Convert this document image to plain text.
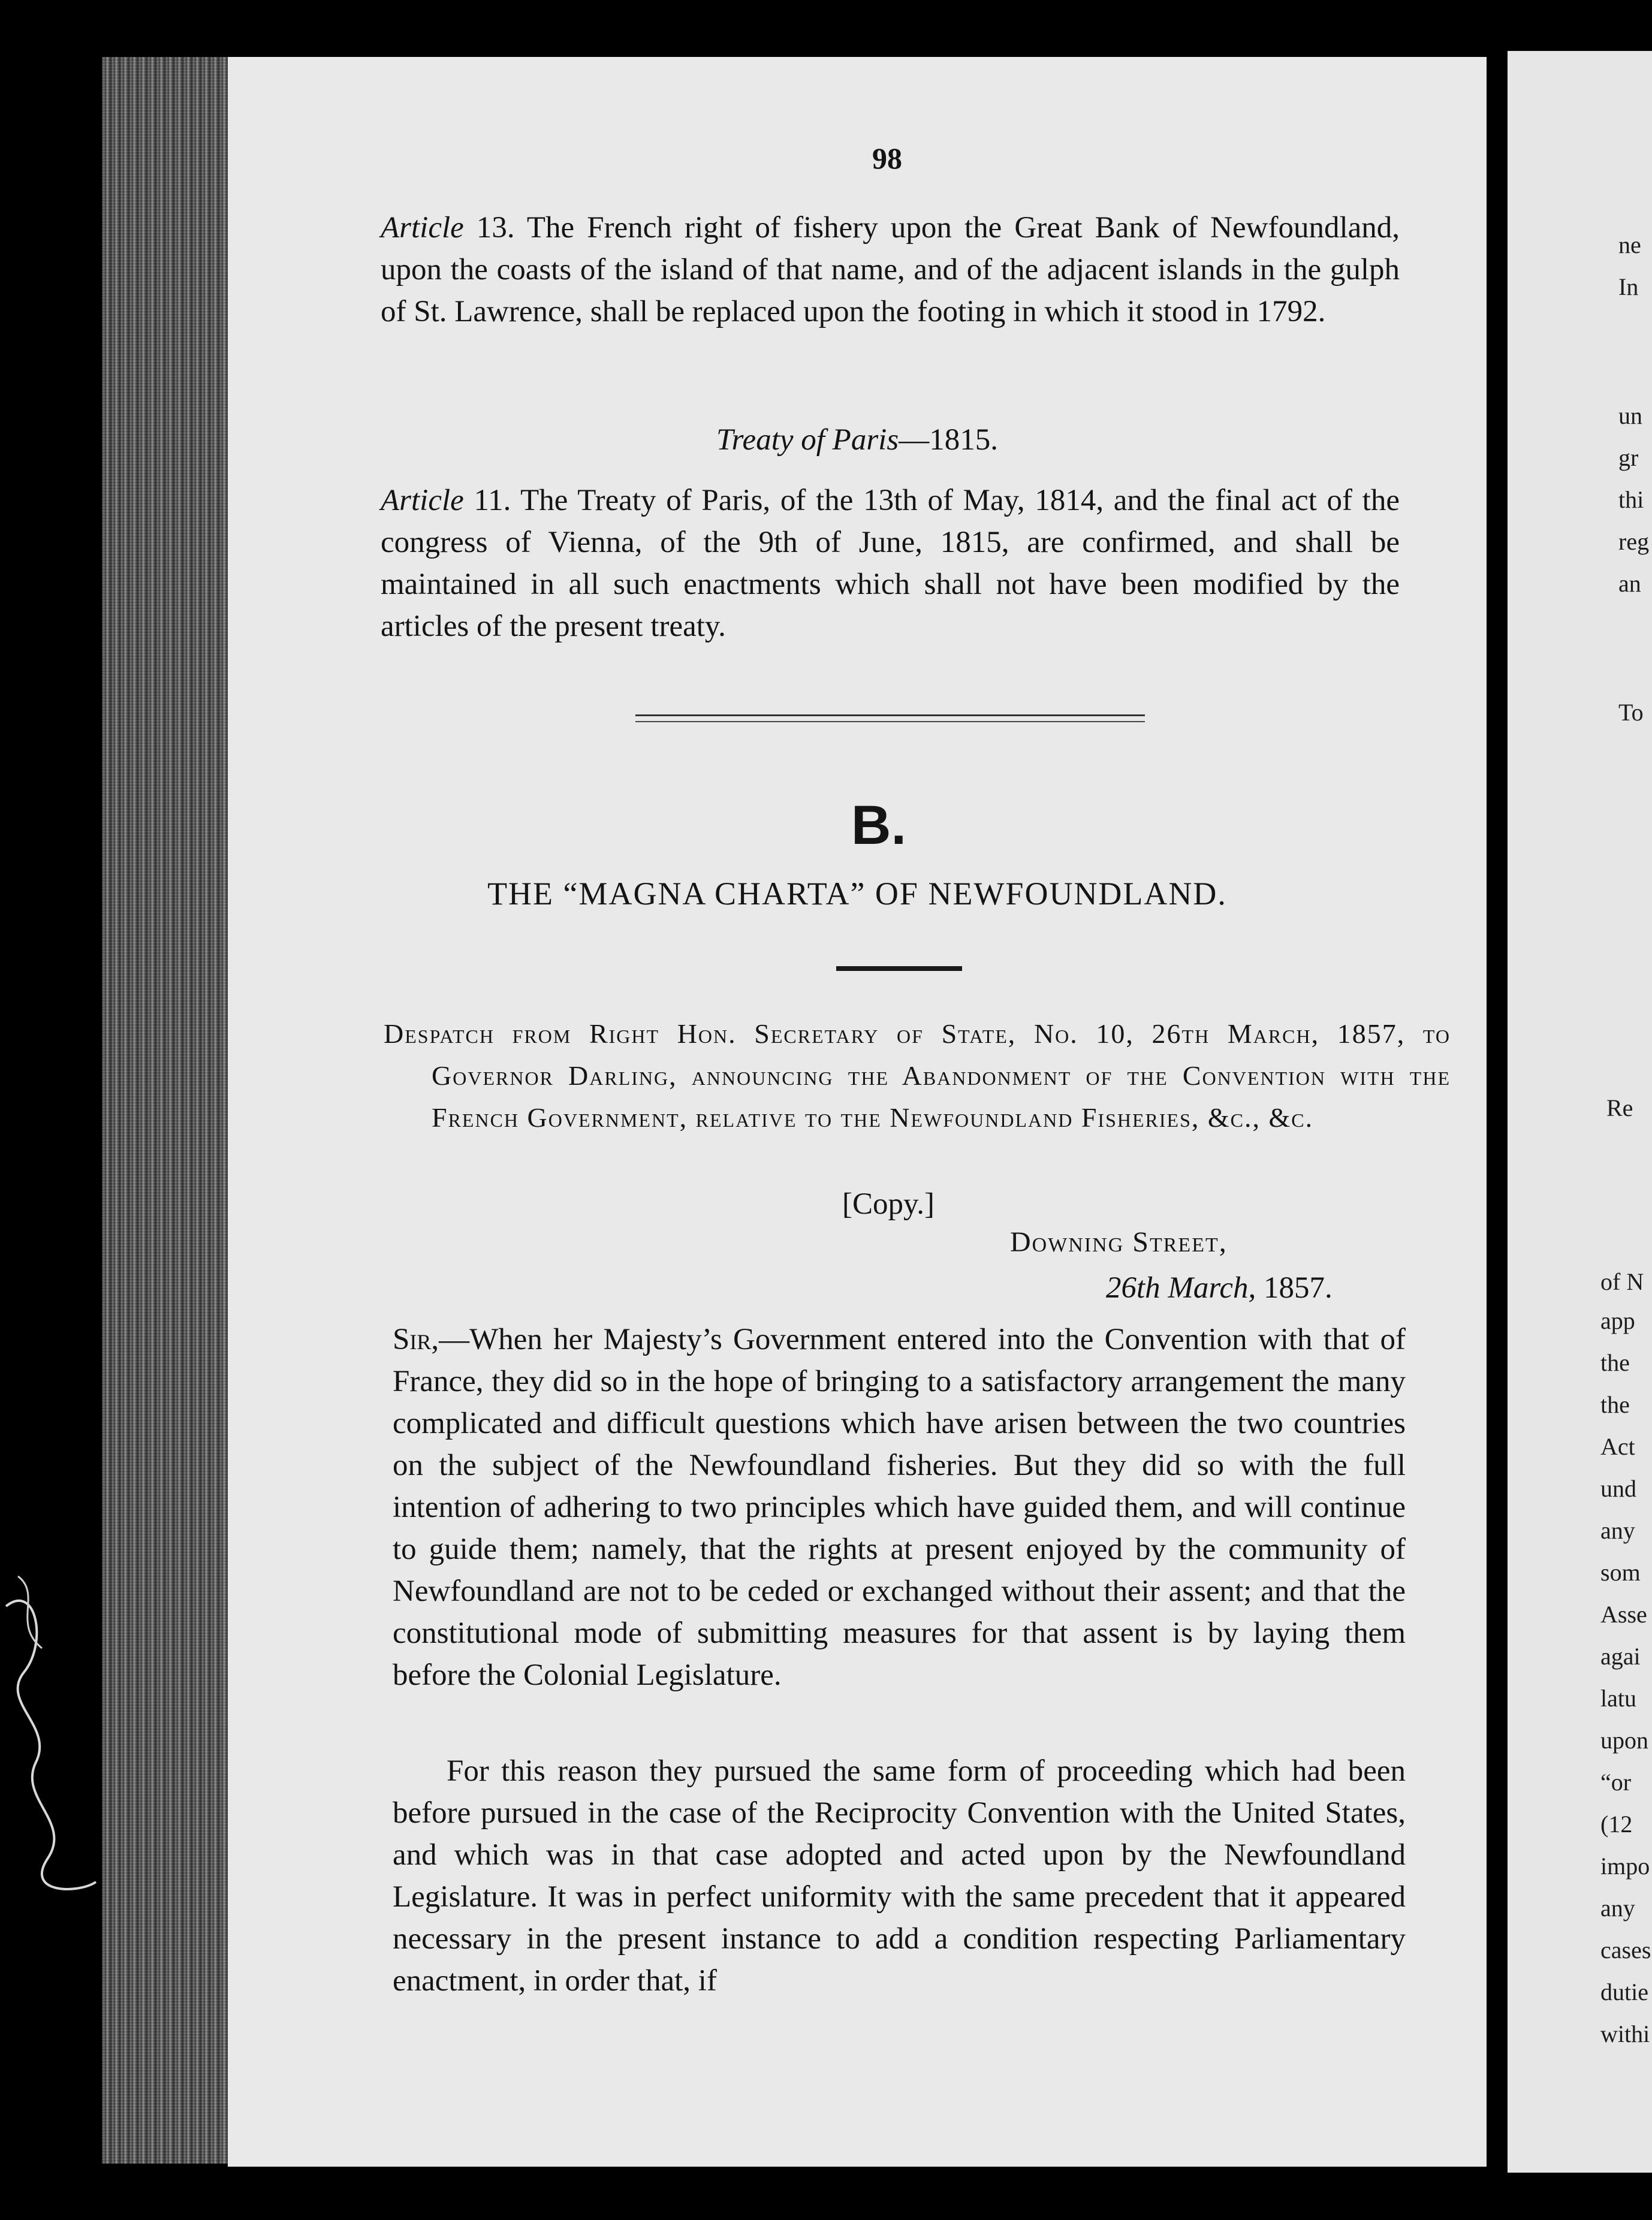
ne
In
un
gr
thi
reg
an
To
Re
of N
app
the
the
Act
und
any
som
Asse
agai
latu
upon
“or
(12
impo
any
cases
dutie
withi
98

Article 13. The French right of fishery upon the Great Bank of Newfoundland, upon the coasts of the island of that name, and of the adjacent islands in the gulph of St. Lawrence, shall be replaced upon the footing in which it stood in 1792.

Treaty of Paris—1815.

Article 11. The Treaty of Paris, of the 13th of May, 1814, and the final act of the congress of Vienna, of the 9th of June, 1815, are confirmed, and shall be maintained in all such enactments which shall not have been modified by the articles of the present treaty.

B.
THE “MAGNA CHARTA” OF NEWFOUNDLAND.

Despatch from Right Hon. Secretary of State, No. 10, 26th March, 1857, to Governor Darling, announcing the Abandonment of the Convention with the French Government, relative to the Newfoundland Fisheries, &c., &c.

[Copy.]
Downing Street,
26th March, 1857.

Sir,—When her Majesty’s Government entered into the Convention with that of France, they did so in the hope of bringing to a satisfactory arrangement the many complicated and difficult questions which have arisen between the two countries on the subject of the Newfoundland fisheries. But they did so with the full intention of adhering to two principles which have guided them, and will continue to guide them; namely, that the rights at present enjoyed by the community of Newfoundland are not to be ceded or exchanged without their assent; and that the constitutional mode of submitting measures for that assent is by laying them before the Colonial Legislature.

For this reason they pursued the same form of proceeding which had been before pursued in the case of the Reciprocity Convention with the United States, and which was in that case adopted and acted upon by the Newfoundland Legislature. It was in perfect uniformity with the same precedent that it appeared necessary in the present instance to add a condition respecting Parliamentary enactment, in order that, if
